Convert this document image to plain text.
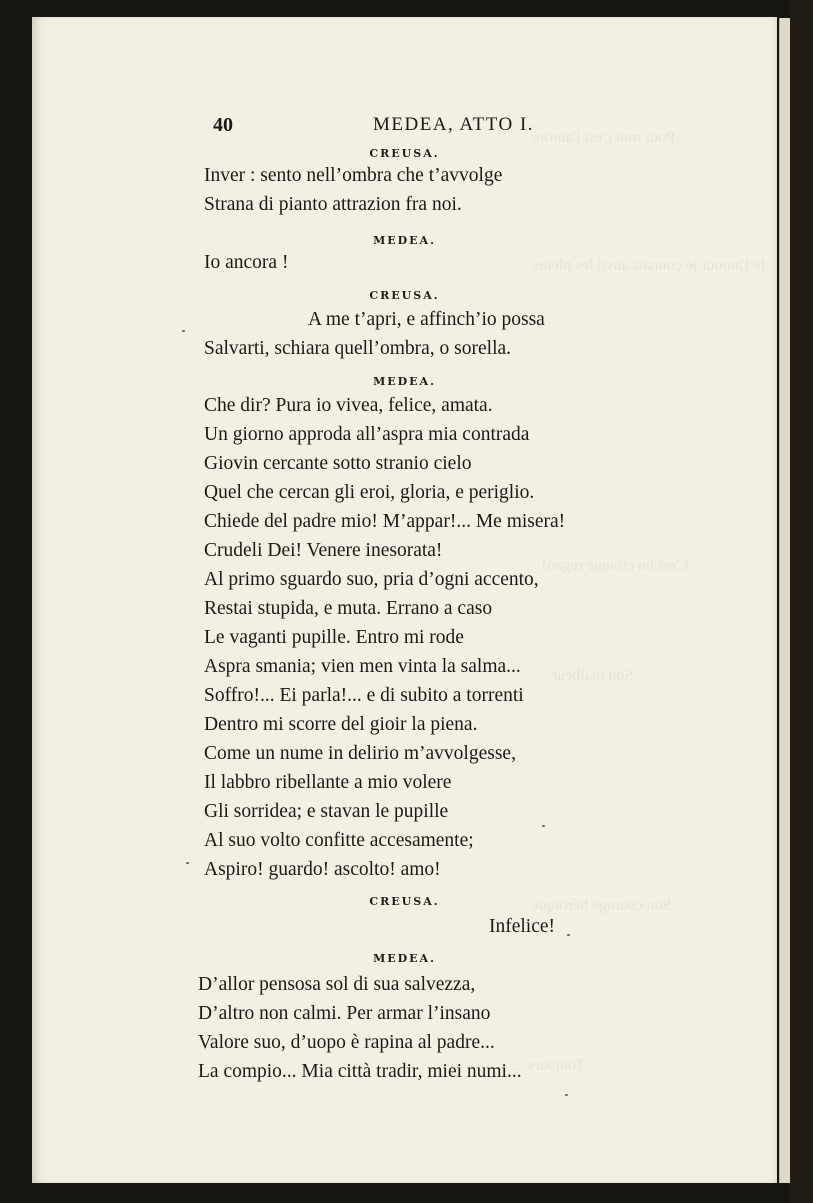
Pour moi c'est l'aurore
Je l'amour je connais aussi les pleurs
C'est un étrange regard
Son malheur
Son courage héroïque
Toujours ...
40	MEDEA, ATTO I.
CREUSA.
Inver : sento nell’ombra che t’avvolge
Strana di pianto attrazion fra noi.
MEDEA.
Io ancora !
CREUSA.
A me t’apri, e affinch’io possa
Salvarti, schiara quell’ombra, o sorella.
MEDEA.
Che dir? Pura io vivea, felice, amata.
Un giorno approda all’aspra mia contrada
Giovin cercante sotto stranio cielo
Quel che cercan gli eroi, gloria, e periglio.
Chiede del padre mio! M’appar!... Me misera!
Crudeli Dei! Venere inesorata!
Al primo sguardo suo, pria d’ogni accento,
Restai stupida, e muta. Errano a caso
Le vaganti pupille. Entro mi rode
Aspra smania; vien men vinta la salma...
Soffro!... Ei parla!... e di subito a torrenti
Dentro mi scorre del gioir la piena.
Come un nume in delirio m’avvolgesse,
Il labbro ribellante a mio volere
Gli sorridea; e stavan le pupille
Al suo volto confitte accesamente;
Aspiro! guardo! ascolto! amo!
CREUSA.
Infelice!
MEDEA.
D’allor pensosa sol di sua salvezza,
D’altro non calmi. Per armar l’insano
Valore suo, d’uopo è rapina al padre...
La compio... Mia città tradir, miei numi...
